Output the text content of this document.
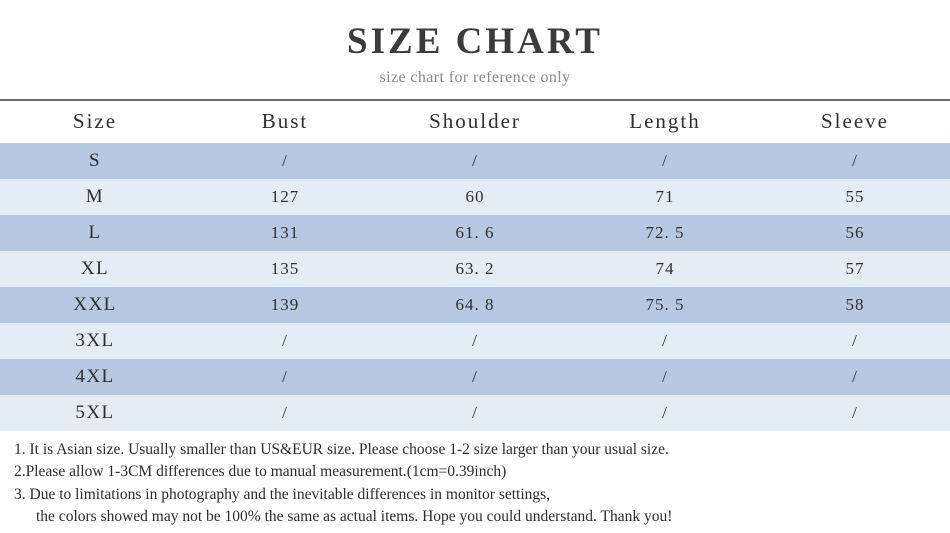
SIZE CHART
size chart for reference only
Size	Bust	Shoulder	Length	Sleeve
S	/	/	/	/
M	127	60	71	55
L	131	61. 6	72. 5	56
XL	135	63. 2	74	57
XXL	139	64. 8	75. 5	58
3XL	/	/	/	/
4XL	/	/	/	/
5XL	/	/	/	/
1. It is Asian size. Usually smaller than US&EUR size. Please choose 1-2 size larger than your usual size.
2.Please allow 1-3CM differences due to manual measurement.(1cm=0.39inch)
3. Due to limitations in photography and the inevitable differences in monitor settings,
the colors showed may not be 100% the same as actual items. Hope you could understand. Thank you!
